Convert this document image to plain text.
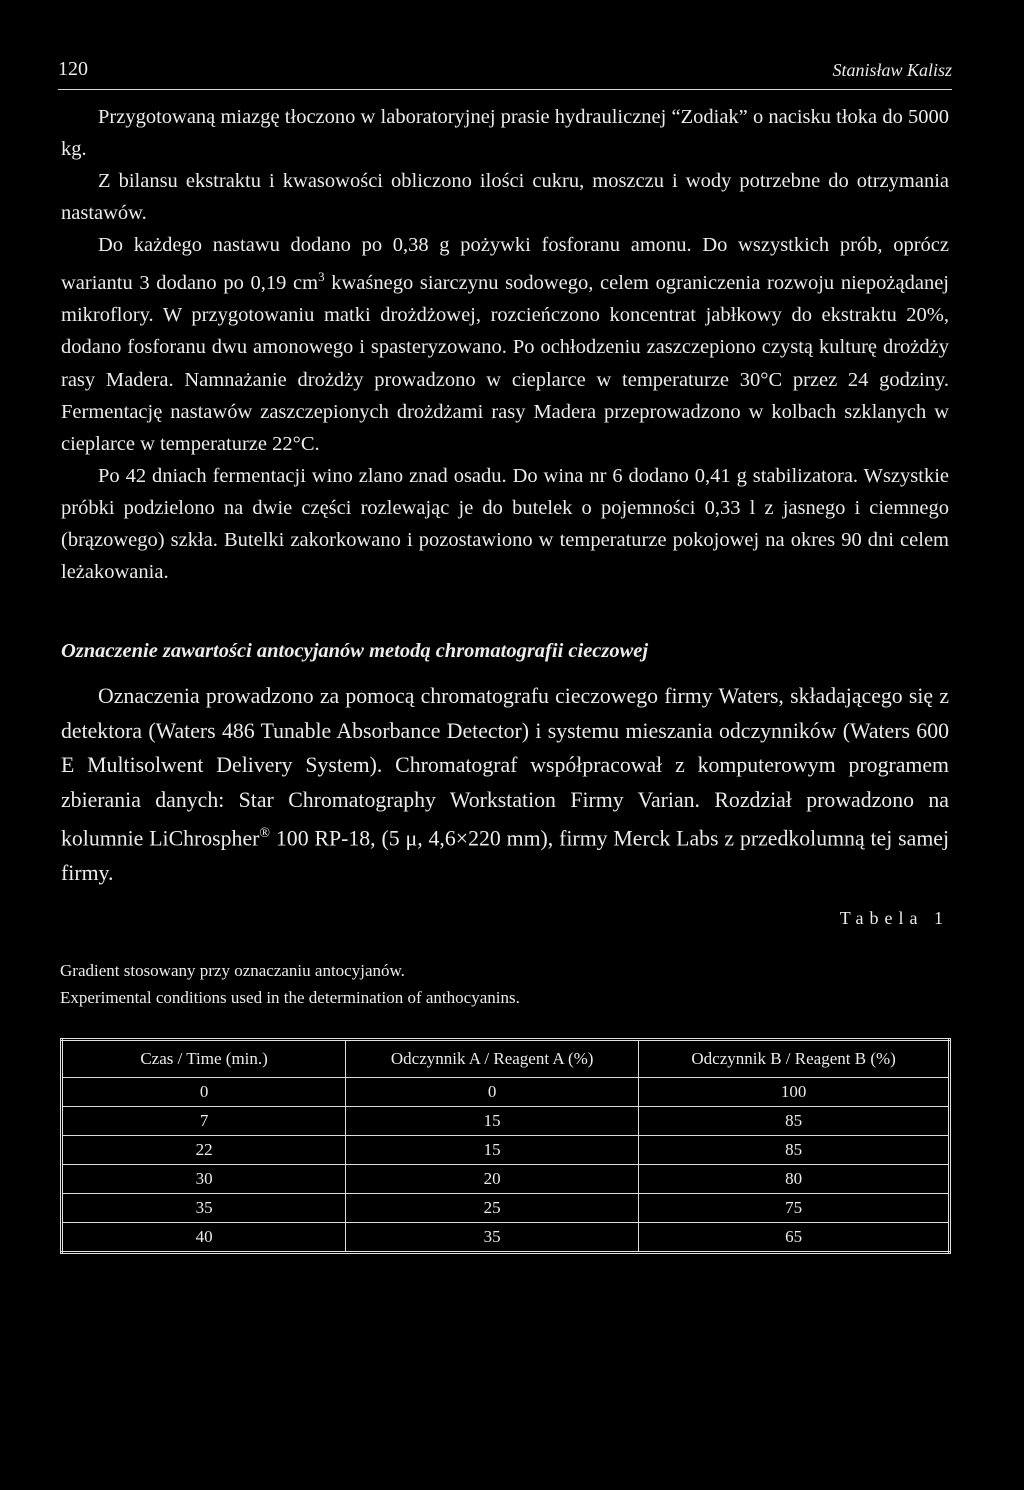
120	Stanisław Kalisz

Przygotowaną miazgę tłoczono w laboratoryjnej prasie hydraulicznej “Zodiak” o nacisku tłoka do 5000 kg.

Z bilansu ekstraktu i kwasowości obliczono ilości cukru, moszczu i wody potrzebne do otrzymania nastawów.

Do każdego nastawu dodano po 0,38 g pożywki fosforanu amonu. Do wszystkich prób, oprócz wariantu 3 dodano po 0,19 $cm^3$ kwaśnego siarczynu sodowego, celem ograniczenia rozwoju niepożądanej mikroflory. W przygotowaniu matki drożdżowej, rozcieńczono koncentrat jabłkowy do ekstraktu 20%, dodano fosforanu dwu amonowego i spasteryzowano. Po ochłodzeniu zaszczepiono czystą kulturę drożdży rasy Madera. Namnażanie drożdży prowadzono w cieplarce w temperaturze 30°C przez 24 godziny. Fermentację nastawów zaszczepionych drożdżami rasy Madera przeprowadzono w kolbach szklanych w cieplarce w temperaturze 22°C.

Po 42 dniach fermentacji wino zlano znad osadu. Do wina nr 6 dodano 0,41 g stabilizatora. Wszystkie próbki podzielono na dwie części rozlewając je do butelek o pojemności 0,33 l z jasnego i ciemnego (brązowego) szkła. Butelki zakorkowano i pozostawiono w temperaturze pokojowej na okres 90 dni celem leżakowania.

Oznaczenie zawartości antocyjanów metodą chromatografii cieczowej

Oznaczenia prowadzono za pomocą chromatografu cieczowego firmy Waters, składającego się z detektora (Waters 486 Tunable Absorbance Detector) i systemu mieszania odczynników (Waters 600 E Multisolwent Delivery System). Chromatograf współpracował z komputerowym programem zbierania danych: Star Chromatography Workstation Firmy Varian. Rozdział prowadzono na kolumnie LiChrospher® 100 RP-18, (5 μ, 4,6×220 mm), firmy Merck Labs z przedkolumną tej samej firmy.

Tabela 1
Gradient stosowany przy oznaczaniu antocyjanów.
Experimental conditions used in the determination of anthocyanins.
Czas / Time (min.)	Odczynnik A / Reagent A (%)	Odczynnik B / Reagent B (%)
0	0	100
7	15	85
22	15	85
30	20	80
35	25	75
40	35	65
